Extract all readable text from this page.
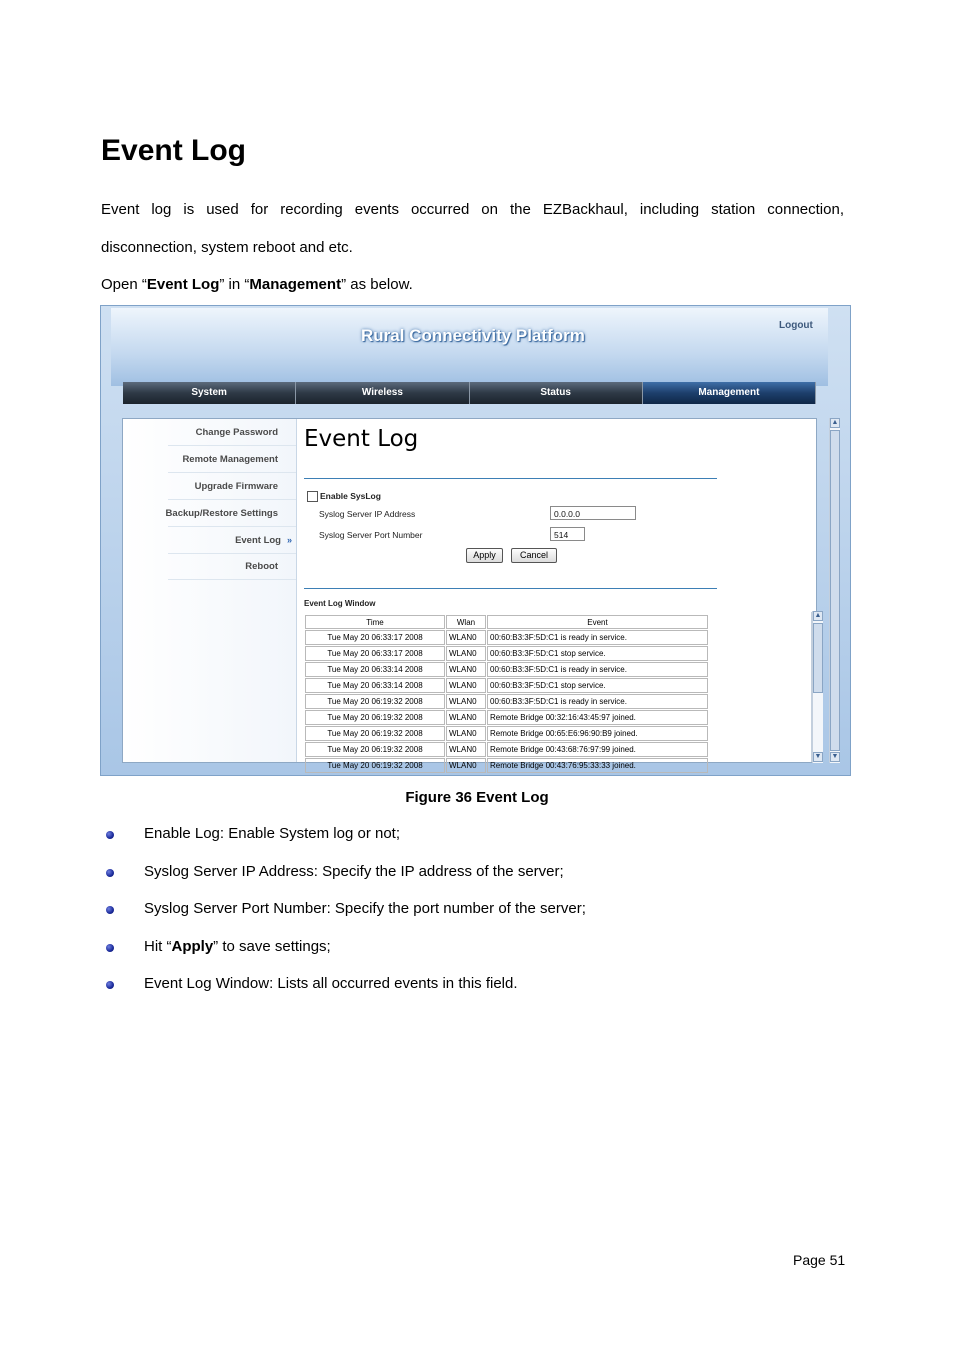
Event Log

Event log is used for recording events occurred on the EZBackhaul, including station connection,

disconnection, system reboot and etc.

Open “Event Log” in “Management” as below.

Rural Connectivity Platform
Logout
System	Wireless	Status	Management
Change Password
Remote Management
Upgrade Firmware
Backup/Restore Settings
Event Log »
Reboot
Event Log
Enable SysLog
Syslog Server IP Address	0.0.0.0
Syslog Server Port Number	514
Apply	Cancel
Event Log Window
Time	Wlan	Event
Tue May 20 06:33:17 2008	WLAN0	00:60:B3:3F:5D:C1 is ready in service.
Tue May 20 06:33:17 2008	WLAN0	00:60:B3:3F:5D:C1 stop service.
Tue May 20 06:33:14 2008	WLAN0	00:60:B3:3F:5D:C1 is ready in service.
Tue May 20 06:33:14 2008	WLAN0	00:60:B3:3F:5D:C1 stop service.
Tue May 20 06:19:32 2008	WLAN0	00:60:B3:3F:5D:C1 is ready in service.
Tue May 20 06:19:32 2008	WLAN0	Remote Bridge 00:32:16:43:45:97 joined.
Tue May 20 06:19:32 2008	WLAN0	Remote Bridge 00:65:E6:96:90:B9 joined.
Tue May 20 06:19:32 2008	WLAN0	Remote Bridge 00:43:68:76:97:99 joined.
Tue May 20 06:19:32 2008	WLAN0	Remote Bridge 00:43:76:95:33:33 joined.
▲
▼
▲
▼
Figure 36 Event Log
Enable Log: Enable System log or not;
Syslog Server IP Address: Specify the IP address of the server;
Syslog Server Port Number: Specify the port number of the server;
Hit “Apply” to save settings;
Event Log Window: Lists all occurred events in this field.
Page 51
